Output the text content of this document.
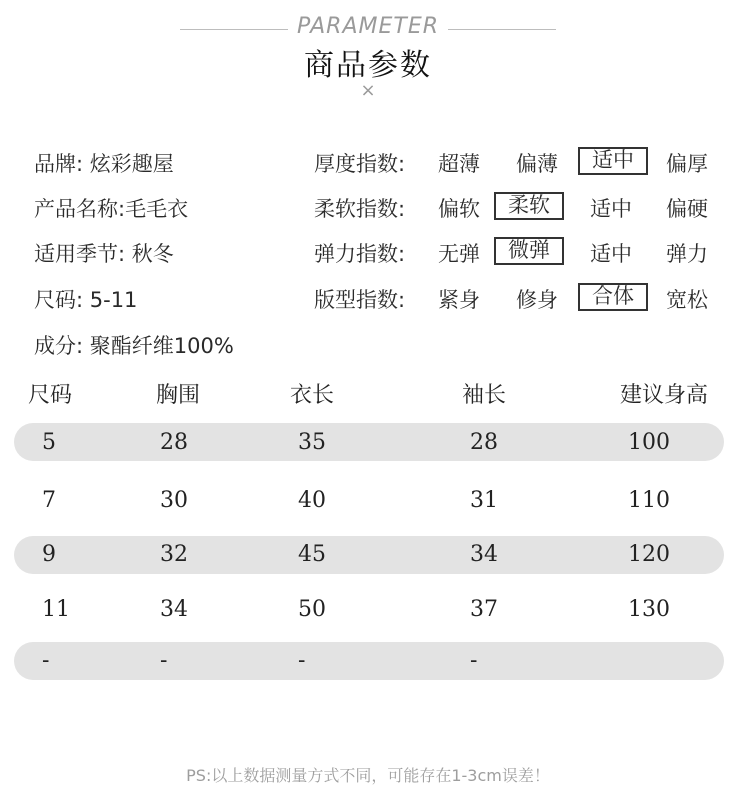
PARAMETER
商品参数
×
品牌: 炫彩趣屋
产品名称:毛毛衣
适用季节: 秋冬
尺码: 5-11
成分: 聚酯纤维100%
厚度指数:	超薄	偏薄	适中	偏厚
柔软指数:	偏软	柔软	适中	偏硬
弹力指数:	无弹	微弹	适中	弹力
版型指数:	紧身	修身	合体	宽松
尺码	胸围	衣长	袖长	建议身高
5	28	35	28	100
7	30	40	31	110
9	32	45	34	120
11	34	50	37	130
-	-	-	-
PS:以上数据测量方式不同，可能存在1-3cm误差！
